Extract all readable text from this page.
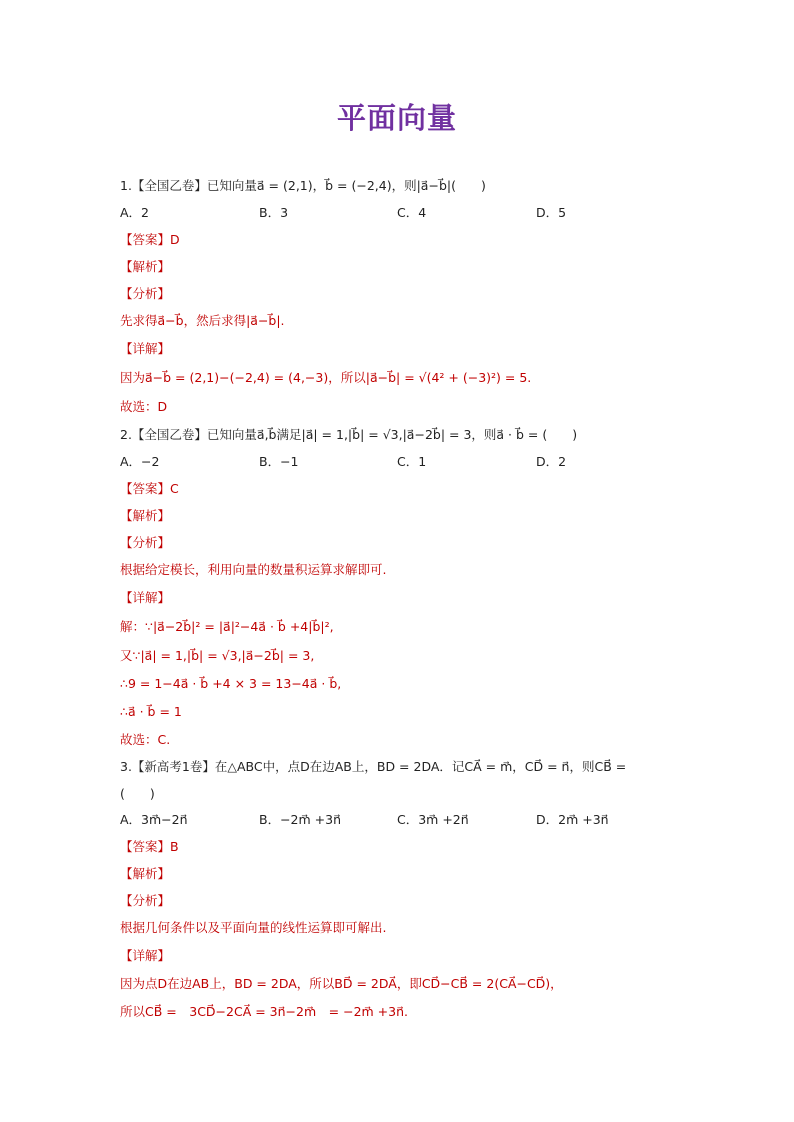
平面向量
1.【全国乙卷】已知向量a⃗ = (2,1)，b⃗ = (−2,4)，则|a⃗−b⃗|(　　)
A．2	B．3	C．4	D．5
【答案】D
【解析】
【分析】
先求得a⃗−b⃗，然后求得|a⃗−b⃗|.
【详解】
因为a⃗−b⃗ = (2,1)−(−2,4) = (4,−3)，所以|a⃗−b⃗| = √(4² + (−3)²) = 5.
故选：D
2.【全国乙卷】已知向量a⃗,b⃗满足|a⃗| = 1,|b⃗| = √3,|a⃗−2b⃗| = 3，则a⃗ · b⃗ = (　　)
A．−2	B．−1	C．1	D．2
【答案】C
【解析】
【分析】
根据给定模长，利用向量的数量积运算求解即可.
【详解】
解：∵|a⃗−2b⃗|² = |a⃗|²−4a⃗ · b⃗ +4|b⃗|²,
又∵|a⃗| = 1,|b⃗| = √3,|a⃗−2b⃗| = 3,
∴9 = 1−4a⃗ · b⃗ +4 × 3 = 13−4a⃗ · b⃗,
∴a⃗ · b⃗ = 1
故选：C.
3.【新高考1卷】在△ABC中，点D在边AB上，BD = 2DA．记CA⃗ = m⃗，CD⃗ = n⃗，则CB⃗ =
(　　)
A．3m⃗−2n⃗	B．−2m⃗ +3n⃗	C．3m⃗ +2n⃗	D．2m⃗ +3n⃗
【答案】B
【解析】
【分析】
根据几何条件以及平面向量的线性运算即可解出.
【详解】
因为点D在边AB上，BD = 2DA，所以BD⃗ = 2DA⃗，即CD⃗−CB⃗ = 2(CA⃗−CD⃗)，
所以CB⃗ =　3CD⃗−2CA⃗ = 3n⃗−2m⃗　= −2m⃗ +3n⃗.
